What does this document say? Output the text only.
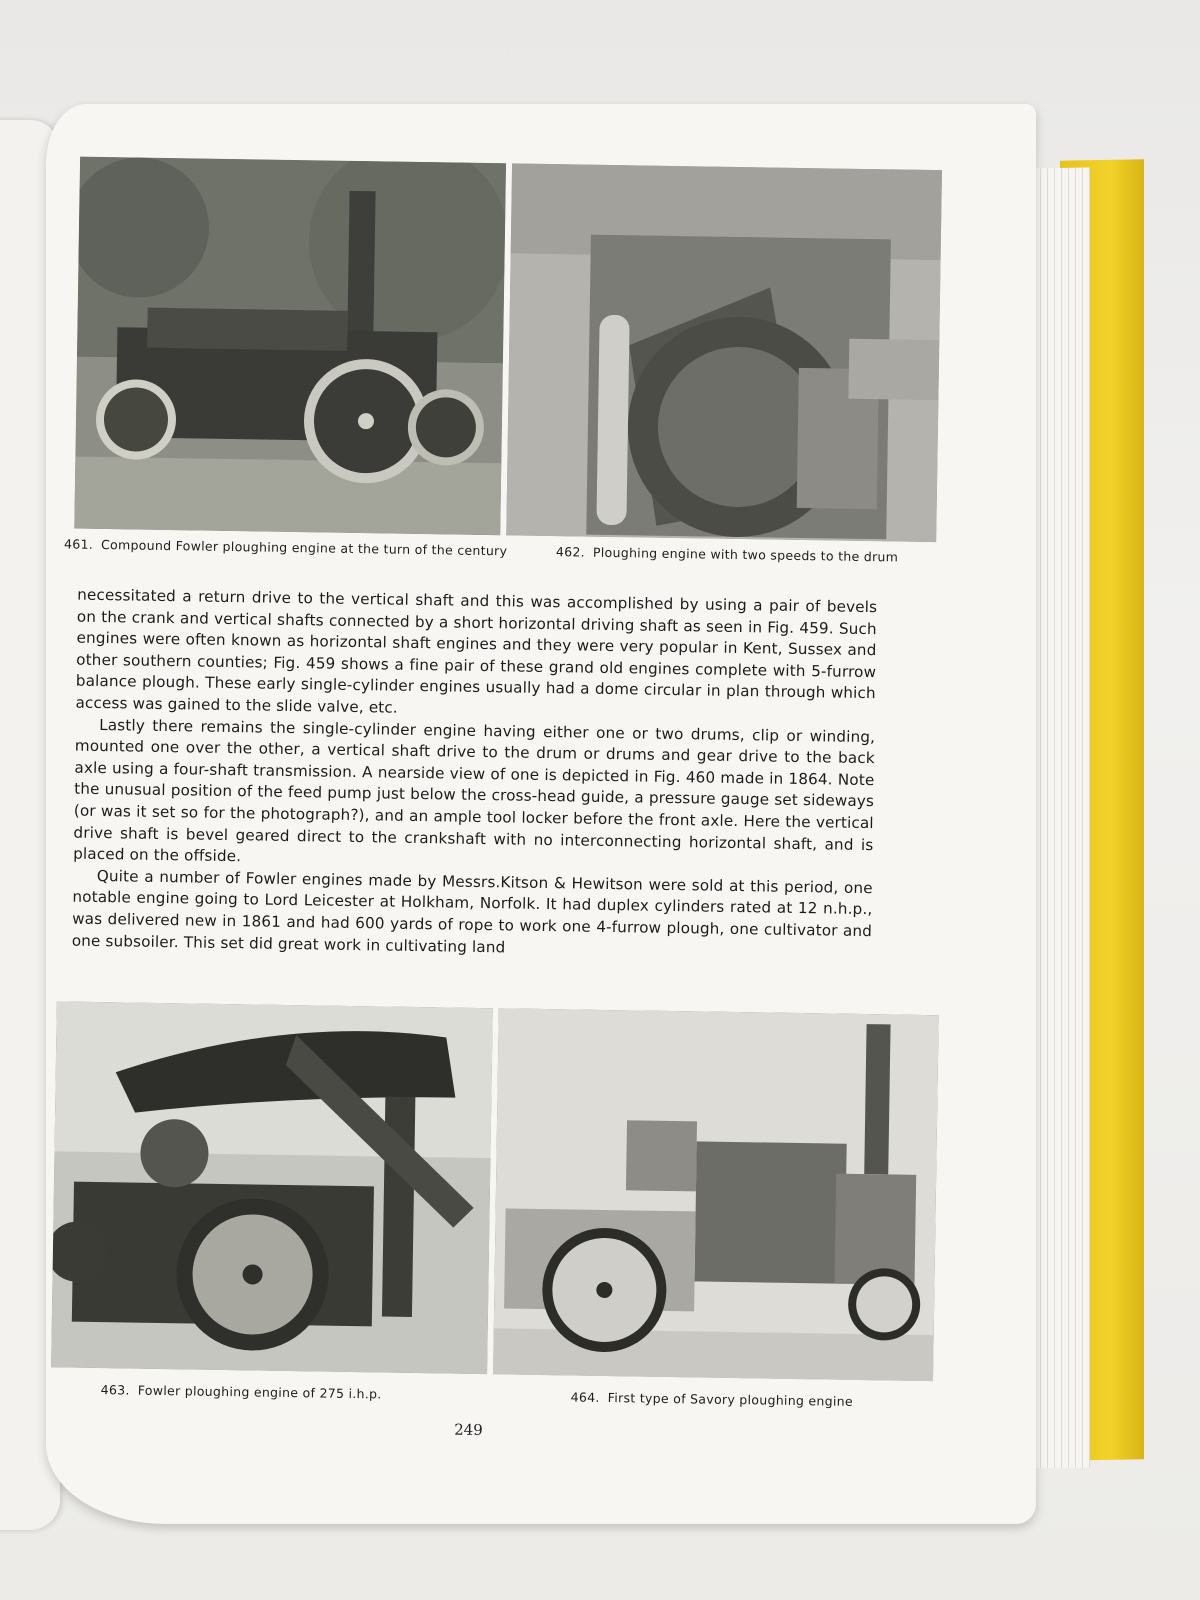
461. Compound Fowler ploughing engine at the turn of the century	462. Ploughing engine with two speeds to the drum

necessitated a return drive to the vertical shaft and this was accomplished by using a pair of bevels on the crank and vertical shafts connected by a short horizontal driving shaft as seen in Fig. 459. Such engines were often known as horizontal shaft engines and they were very popular in Kent, Sussex and other southern counties; Fig. 459 shows a fine pair of these grand old engines complete with 5-furrow balance plough. These early single-cylinder engines usually had a dome circular in plan through which access was gained to the slide valve, etc.

Lastly there remains the single-cylinder engine having either one or two drums, clip or winding, mounted one over the other, a vertical shaft drive to the drum or drums and gear drive to the back axle using a four-shaft transmission. A nearside view of one is depicted in Fig. 460 made in 1864. Note the unusual position of the feed pump just below the cross-head guide, a pressure gauge set sideways (or was it set so for the photograph?), and an ample tool locker before the front axle. Here the vertical drive shaft is bevel geared direct to the crankshaft with no interconnecting horizontal shaft, and is placed on the offside.

Quite a number of Fowler engines made by Messrs.Kitson & Hewitson were sold at this period, one notable engine going to Lord Leicester at Holkham, Norfolk. It had duplex cylinders rated at 12 n.h.p., was delivered new in 1861 and had 600 yards of rope to work one 4-furrow plough, one cultivator and one subsoiler. This set did great work in cultivating land

463. Fowler ploughing engine of 275 i.h.p.	464. First type of Savory ploughing engine
249
